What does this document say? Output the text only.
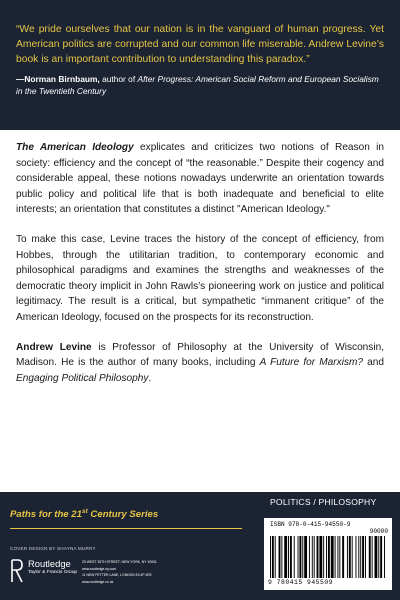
“We pride ourselves that our nation is in the vanguard of human progress. Yet American politics are corrupted and our common life miserable. Andrew Levine’s book is an important contribution to understanding this paradox.”

—Norman Birnbaum, author of After Progress: American Social Reform and European Socialism in the Twentieth Century

The American Ideology explicates and criticizes two notions of Reason in society: efficiency and the concept of “the reasonable.” Despite their cogency and considerable appeal, these notions nowadays underwrite an orientation towards public policy and political life that is both inadequate and beneficial to elite interests; an orientation that constitutes a distinct "American Ideology."

To make this case, Levine traces the history of the concept of efficiency, from Hobbes, through the utilitarian tradition, to contemporary economic and philosophical paradigms and examines the strengths and weaknesses of the democratic theory implicit in John Rawls’s pioneering work on justice and political legitimacy. The result is a critical, but sympathetic “immanent critique” of the American Ideology, focused on the prospects for its reconstruction.

Andrew Levine is Professor of Philosophy at the University of Wisconsin, Madison. He is the author of many books, including A Future for Marxism? and Engaging Political Philosophy.

POLITICS / PHILOSOPHY
Paths for the 21st Century Series
COVER DESIGN BY SHAYNA MURRY
Routledge
Taylor & Francis Group
29 WEST 35TH STREET, NEW YORK, NY 10001
www.routledge-ny.com
11 NEW FETTER LANE, LONDON EC4P 4EE
www.routledge.co.uk
ISBN 978-0-415-94550-9
90000
9 780415 945509
